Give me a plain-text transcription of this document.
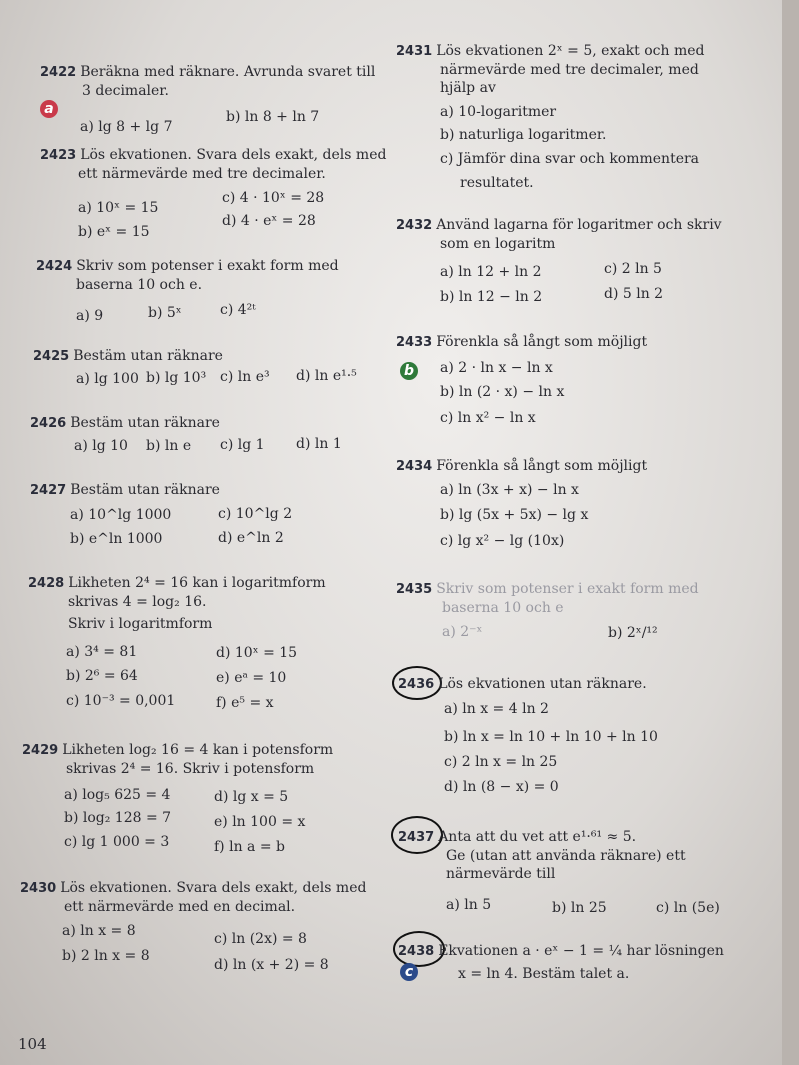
2422 Beräkna med räknare. Avrunda svaret till
3 decimaler.
a
a) lg 8 + lg 7
b) ln 8 + ln 7
2423 Lös ekvationen. Svara dels exakt, dels med
ett närmevärde med tre decimaler.
a) 10ˣ = 15
c) 4 · 10ˣ = 28
b) eˣ = 15
d) 4 · eˣ = 28
2424 Skriv som potenser i exakt form med
baserna 10 och e.
a) 9	b) 5ˣ	c) 4²ᵗ
2425 Bestäm utan räknare
a) lg 100 b) lg 10³ c) ln e³ d) ln e¹·⁵
2426 Bestäm utan räknare
a) lg 10 b) ln e c) lg 1 d) ln 1
2427 Bestäm utan räknare
a) 10^lg 1000	c) 10^lg 2
b) e^ln 1000	d) e^ln 2
2428 Likheten 2⁴ = 16 kan i logaritmform
skrivas 4 = log₂ 16.
Skriv i logaritmform
a) 3⁴ = 81	d) 10ˣ = 15
b) 2⁶ = 64	e) eᵃ = 10
c) 10⁻³ = 0,001	f) e⁵ = x
2429 Likheten log₂ 16 = 4 kan i potensform
skrivas 2⁴ = 16. Skriv i potensform
a) log₅ 625 = 4	d) lg x = 5
b) log₂ 128 = 7	e) ln 100 = x
c) lg 1 000 = 3	f) ln a = b
2430 Lös ekvationen. Svara dels exakt, dels med
ett närmevärde med en decimal.
a) ln x = 8	c) ln (2x) = 8
b) 2 ln x = 8
d) ln (x + 2) = 8
104
2431 Lös ekvationen 2ˣ = 5, exakt och med
närmevärde med tre decimaler, med
hjälp av
a) 10-logaritmer
b) naturliga logaritmer.
c) Jämför dina svar och kommentera
resultatet.
2432 Använd lagarna för logaritmer och skriv
som en logaritm
a) ln 12 + ln 2	c) 2 ln 5
b) ln 12 − ln 2	d) 5 ln 2
2433 Förenkla så långt som möjligt
b a) 2 · ln x − ln x
b) ln (2 · x) − ln x
c) ln x² − ln x
2434 Förenkla så långt som möjligt
a) ln (3x + x) − ln x
b) lg (5x + 5x) − lg x
c) lg x² − lg (10x)
2435 Skriv som potenser i exakt form med
baserna 10 och e
a) 2⁻ˣ	b) 2ˣ/¹²
2436 Lös ekvationen utan räknare.
a) ln x = 4 ln 2
b) ln x = ln 10 + ln 10 + ln 10
c) 2 ln x = ln 25
d) ln (8 − x) = 0
2437 Anta att du vet att e¹·⁶¹ ≈ 5.
Ge (utan att använda räknare) ett
närmevärde till
a) ln 5	b) ln 25	c) ln (5e)
c
2438 Ekvationen a · eˣ − 1 = ¼ har lösningen
x = ln 4. Bestäm talet a.
